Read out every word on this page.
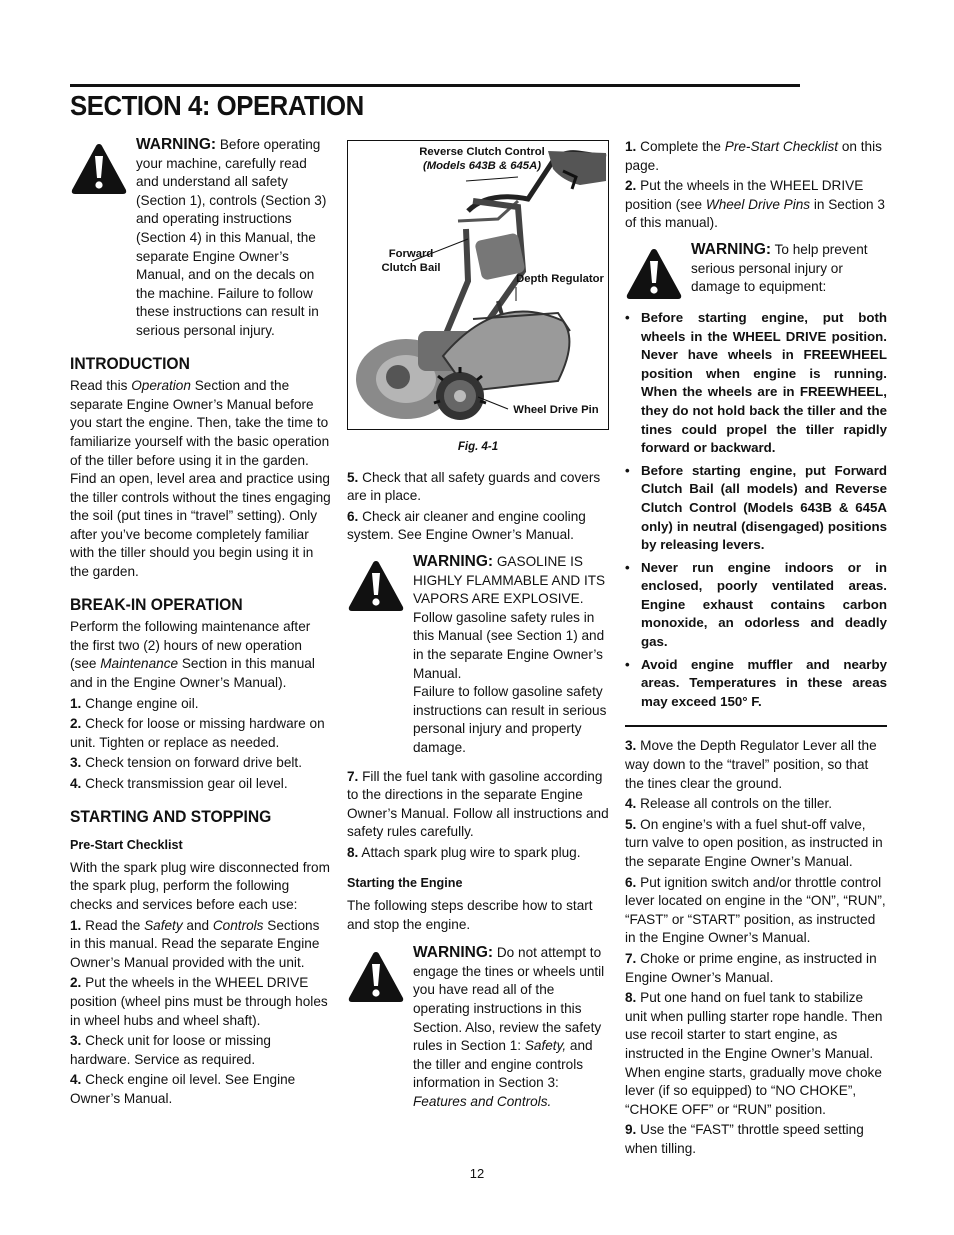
SECTION 4: OPERATION
WARNING: Before operating your machine, carefully read and understand all safety (Section 1), controls (Section 3) and operating instructions (Section 4) in this Manual, the separate Engine Owner’s Manual, and on the decals on the machine. Failure to follow these instructions can result in serious personal injury.
INTRODUCTION

Read this Operation Section and the separate Engine Owner’s Manual before you start the engine. Then, take the time to familiarize yourself with the basic operation of the tiller before using it in the garden. Find an open, level area and practice using the tiller controls without the tines engaging the soil (put tines in “travel” setting). Only after you’ve become completely familiar with the tiller should you begin using it in the garden.

BREAK-IN OPERATION

Perform the following maintenance after the first two (2) hours of new operation (see Maintenance Section in this manual and in the Engine Owner’s Manual).

1. Change engine oil.
2. Check for loose or missing hardware on unit. Tighten or replace as needed.
3. Check tension on forward drive belt.
4. Check transmission gear oil level.
STARTING AND STOPPING
Pre-Start Checklist

With the spark plug wire disconnected from the spark plug, perform the following checks and services before each use:

1. Read the Safety and Controls Sections in this manual. Read the separate Engine Owner’s Manual provided with the unit.
2. Put the wheels in the WHEEL DRIVE position (wheel pins must be through holes in wheel hubs and wheel shaft).
3. Check unit for loose or missing hardware. Service as required.
4. Check engine oil level. See Engine Owner’s Manual.
Reverse Clutch Control
(Models 643B & 645A)
Forward
Clutch Bail
Depth Regulator
Wheel Drive Pin
Fig. 4-1
5. Check that all safety guards and covers are in place.
6. Check air cleaner and engine cooling system. See Engine Owner’s Manual.
WARNING: GASOLINE IS HIGHLY FLAMMABLE AND ITS VAPORS ARE EXPLOSIVE.
Follow gasoline safety rules in this Manual (see Section 1) and in the separate Engine Owner’s Manual.
Failure to follow gasoline safety instructions can result in serious personal injury and property damage.
7. Fill the fuel tank with gasoline according to the directions in the separate Engine Owner’s Manual. Follow all instructions and safety rules carefully.
8. Attach spark plug wire to spark plug.
Starting the Engine

The following steps describe how to start and stop the engine.

WARNING: Do not attempt to engage the tines or wheels until you have read all of the operating instructions in this Section. Also, review the safety rules in Section 1: Safety, and the tiller and engine controls information in Section 3: Features and Controls.
1. Complete the Pre-Start Checklist on this page.
2. Put the wheels in the WHEEL DRIVE position (see Wheel Drive Pins in Section 3 of this manual).
WARNING: To help prevent serious personal injury or damage to equipment:
• Before starting engine, put both wheels in the WHEEL DRIVE position. Never have wheels in FREEWHEEL position when engine is running. When the wheels are in FREEWHEEL, they do not hold back the tiller and the tines could propel the tiller rapidly forward or backward.
• Before starting engine, put Forward Clutch Bail (all models) and Reverse Clutch Control (Models 643B & 645A only) in neutral (disengaged) positions by releasing levers.
• Never run engine indoors or in enclosed, poorly ventilated areas. Engine exhaust contains carbon monoxide, an odorless and deadly gas.
• Avoid engine muffler and nearby areas. Temperatures in these areas may exceed 150° F.
3. Move the Depth Regulator Lever all the way down to the “travel” position, so that the tines clear the ground.
4. Release all controls on the tiller.
5. On engine’s with a fuel shut-off valve, turn valve to open position, as instructed in the separate Engine Owner’s Manual.
6. Put ignition switch and/or throttle control lever located on engine in the “ON”, “RUN”, “FAST” or “START” position, as instructed in the Engine Owner’s Manual.
7. Choke or prime engine, as instructed in Engine Owner’s Manual.
8. Put one hand on fuel tank to stabilize unit when pulling starter rope handle. Then use recoil starter to start engine, as instructed in the Engine Owner’s Manual. When engine starts, gradually move choke lever (if so equipped) to “NO CHOKE”, “CHOKE OFF” or “RUN” position.
9. Use the “FAST” throttle speed setting when tilling.
12
